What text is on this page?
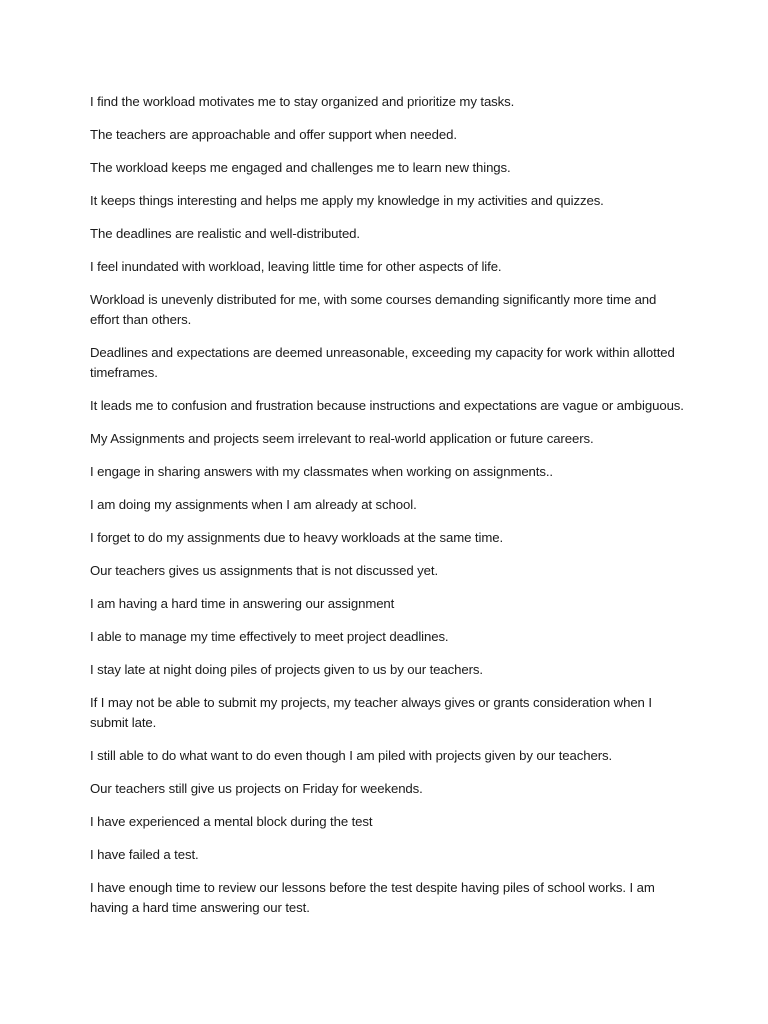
I find the workload motivates me to stay organized and prioritize my tasks.

The teachers are approachable and offer support when needed.

The workload keeps me engaged and challenges me to learn new things.

It keeps things interesting and helps me apply my knowledge in my activities and quizzes.

The deadlines are realistic and well-distributed.

I feel inundated with workload, leaving little time for other aspects of life.

Workload is unevenly distributed for me, with some courses demanding significantly more time and effort than others.

Deadlines and expectations are deemed unreasonable, exceeding my capacity for work within allotted timeframes.

It leads me to confusion and frustration because instructions and expectations are vague or ambiguous.

My Assignments and projects seem irrelevant to real-world application or future careers.

I engage in sharing answers with my classmates when working on assignments..

I am doing my assignments when I am already at school.

I forget to do my assignments due to heavy workloads at the same time.

Our teachers gives us assignments that is not discussed yet.

I am having a hard time in answering our assignment

I able to manage my time effectively to meet project deadlines.

I stay late at night doing piles of projects given to us by our teachers.

If I may not be able to submit my projects, my teacher always gives or grants consideration when I submit late.

I still able to do what want to do even though I am piled with projects given by our teachers.

Our teachers still give us projects on Friday for weekends.

I have experienced a mental block during the test

I have failed a test.

I have enough time to review our lessons before the test despite having piles of school works. I am having a hard time answering our test.
